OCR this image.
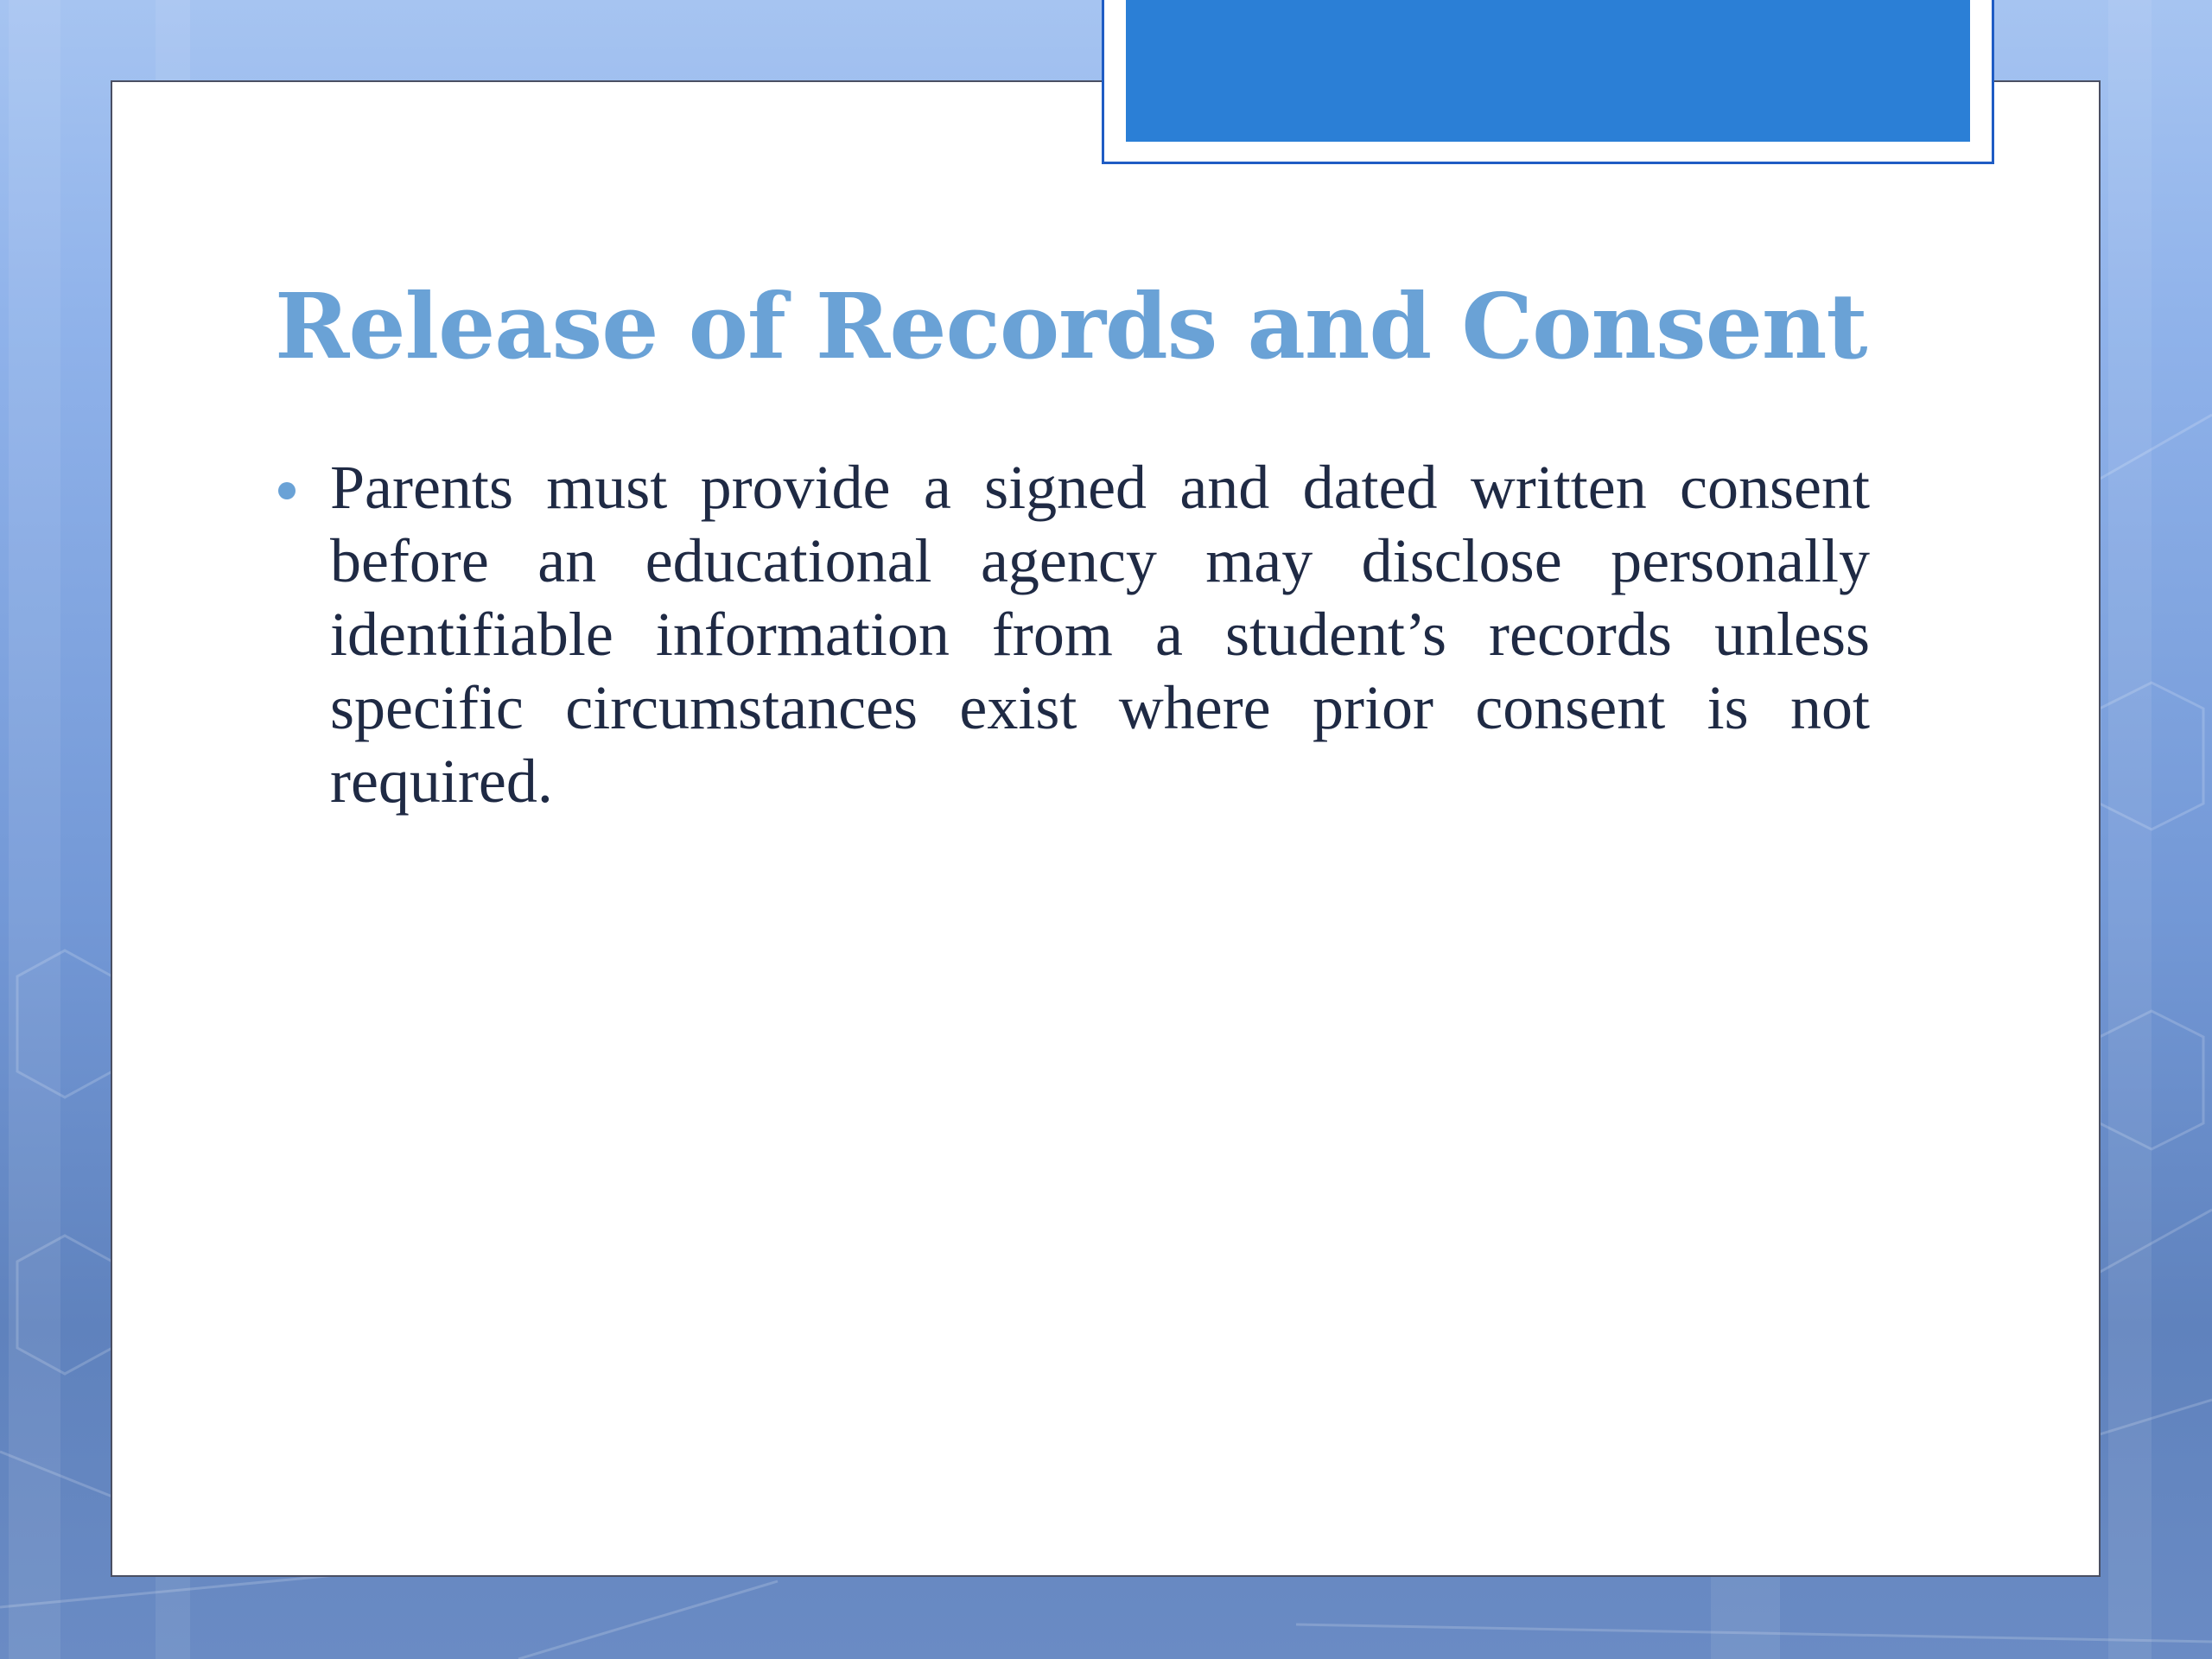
Release of Records and Consent
Parents must provide a signed and dated written consent before an educational agency may disclose personally identifiable information from a student’s records unless specific circumstances exist where prior consent is not required.
